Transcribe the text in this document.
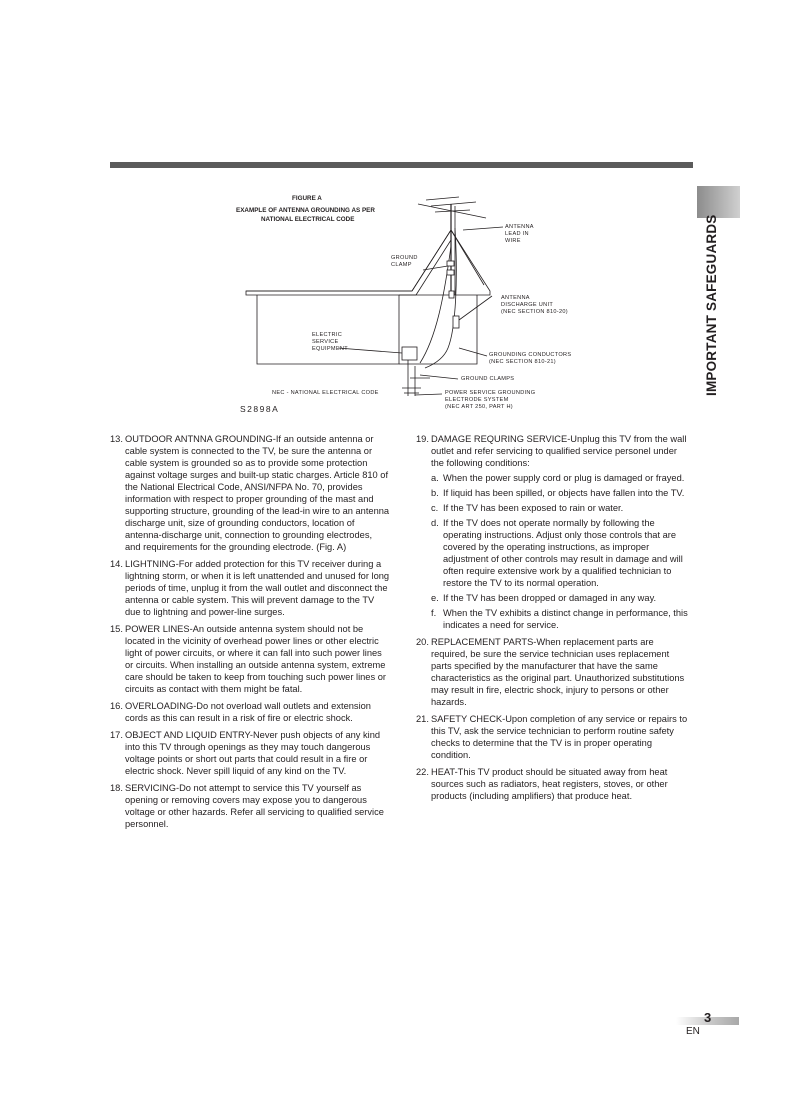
IMPORTANT SAFEGUARDS
FIGURE A
EXAMPLE OF ANTENNA GROUNDING AS PER
NATIONAL ELECTRICAL CODE
ANTENNA
LEAD IN
WIRE
GROUND
CLAMP
ANTENNA
DISCHARGE UNIT
(NEC SECTION 810-20)
ELECTRIC
SERVICE
EQUIPMENT
GROUNDING CONDUCTORS
(NEC SECTION 810-21)
GROUND CLAMPS
NEC - NATIONAL ELECTRICAL CODE	POWER SERVICE GROUNDING
ELECTRODE SYSTEM
(NEC ART 250, PART H)
S2898A
13. OUTDOOR ANTNNA GROUNDING-If an outside antenna or cable system is connected to the TV, be sure the antenna or cable system is grounded so as to provide some protection against voltage surges and built-up static charges. Article 810 of the National Electrical Code, ANSI/NFPA No. 70, provides information with respect to proper grounding of the mast and supporting structure, grounding of the lead-in wire to an antenna discharge unit, size of grounding conductors, location of antenna-discharge unit, connection to grounding electrodes, and requirements for the grounding electrode. (Fig. A)
14. LIGHTNING-For added protection for this TV receiver during a lightning storm, or when it is left unattended and unused for long periods of time, unplug it from the wall outlet and disconnect the antenna or cable system. This will prevent damage to the TV due to lightning and power-line surges.
15. POWER LINES-An outside antenna system should not be located in the vicinity of overhead power lines or other electric light of power circuits, or where it can fall into such power lines or circuits. When installing an outside antenna system, extreme care should be taken to keep from touching such power lines or circuits as contact with them might be fatal.
16. OVERLOADING-Do not overload wall outlets and extension cords as this can result in a risk of fire or electric shock.
17. OBJECT AND LIQUID ENTRY-Never push objects of any kind into this TV through openings as they may touch dangerous voltage points or short out parts that could result in a fire or electric shock. Never spill liquid of any kind on the TV.
18. SERVICING-Do not attempt to service this TV yourself as opening or removing covers may expose you to dangerous voltage or other hazards. Refer all servicing to qualified service personnel.
19. DAMAGE REQURING SERVICE-Unplug this TV from the wall outlet and refer servicing to qualified service personel under the following conditions:
a. When the power supply cord or plug is damaged or frayed.
b. If liquid has been spilled, or objects have fallen into the TV.
c. If the TV has been exposed to rain or water.
d. If the TV does not operate normally by following the operating instructions. Adjust only those controls that are covered by the operating instructions, as improper adjustment of other controls may result in damage and will often require extensive work by a qualified technician to restore the TV to its normal operation.
e. If the TV has been dropped or damaged in any way.
f. When the TV exhibits a distinct change in performance, this indicates a need for service.
20. REPLACEMENT PARTS-When replacement parts are required, be sure the service technician uses replacement parts specified by the manufacturer that have the same characteristics as the original part. Unauthorized substitutions may result in fire, electric shock, injury to persons or other hazards.
21. SAFETY CHECK-Upon completion of any service or repairs to this TV, ask the service technician to perform routine safety checks to determine that the TV is in proper operating condition.
22. HEAT-This TV product should be situated away from heat sources such as radiators, heat registers, stoves, or other products (including amplifiers) that produce heat.
3
EN
